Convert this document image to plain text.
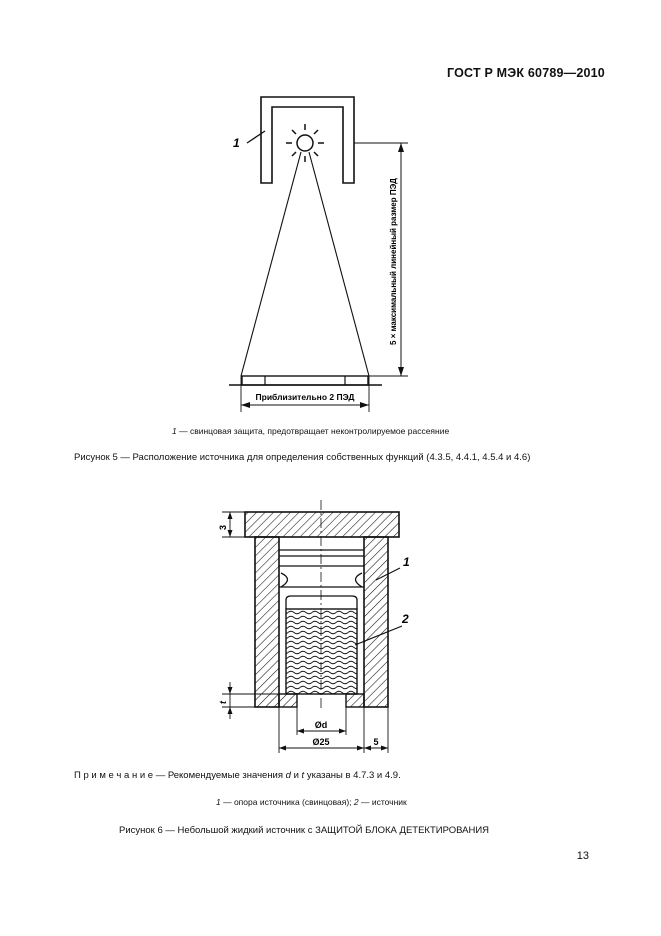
ГОСТ Р МЭК 60789—2010
1
5 × максимальный линейный размер ПЭД
Приблизительно 2 ПЭД
1 — свинцовая защита, предотвращает неконтролируемое рассеяние
Рисунок 5 — Расположение источника для определения собственных функций (4.3.5, 4.4.1, 4.5.4 и 4.6)
1
2
3
t
Ød
Ø25	5
П р и м е ч а н и е — Рекомендуемые значения d и t указаны в 4.7.3 и 4.9.
1 — опора источника (свинцовая); 2 — источник
Рисунок 6 — Небольшой жидкий источник с ЗАЩИТОЙ БЛОКА ДЕТЕКТИРОВАНИЯ
13
